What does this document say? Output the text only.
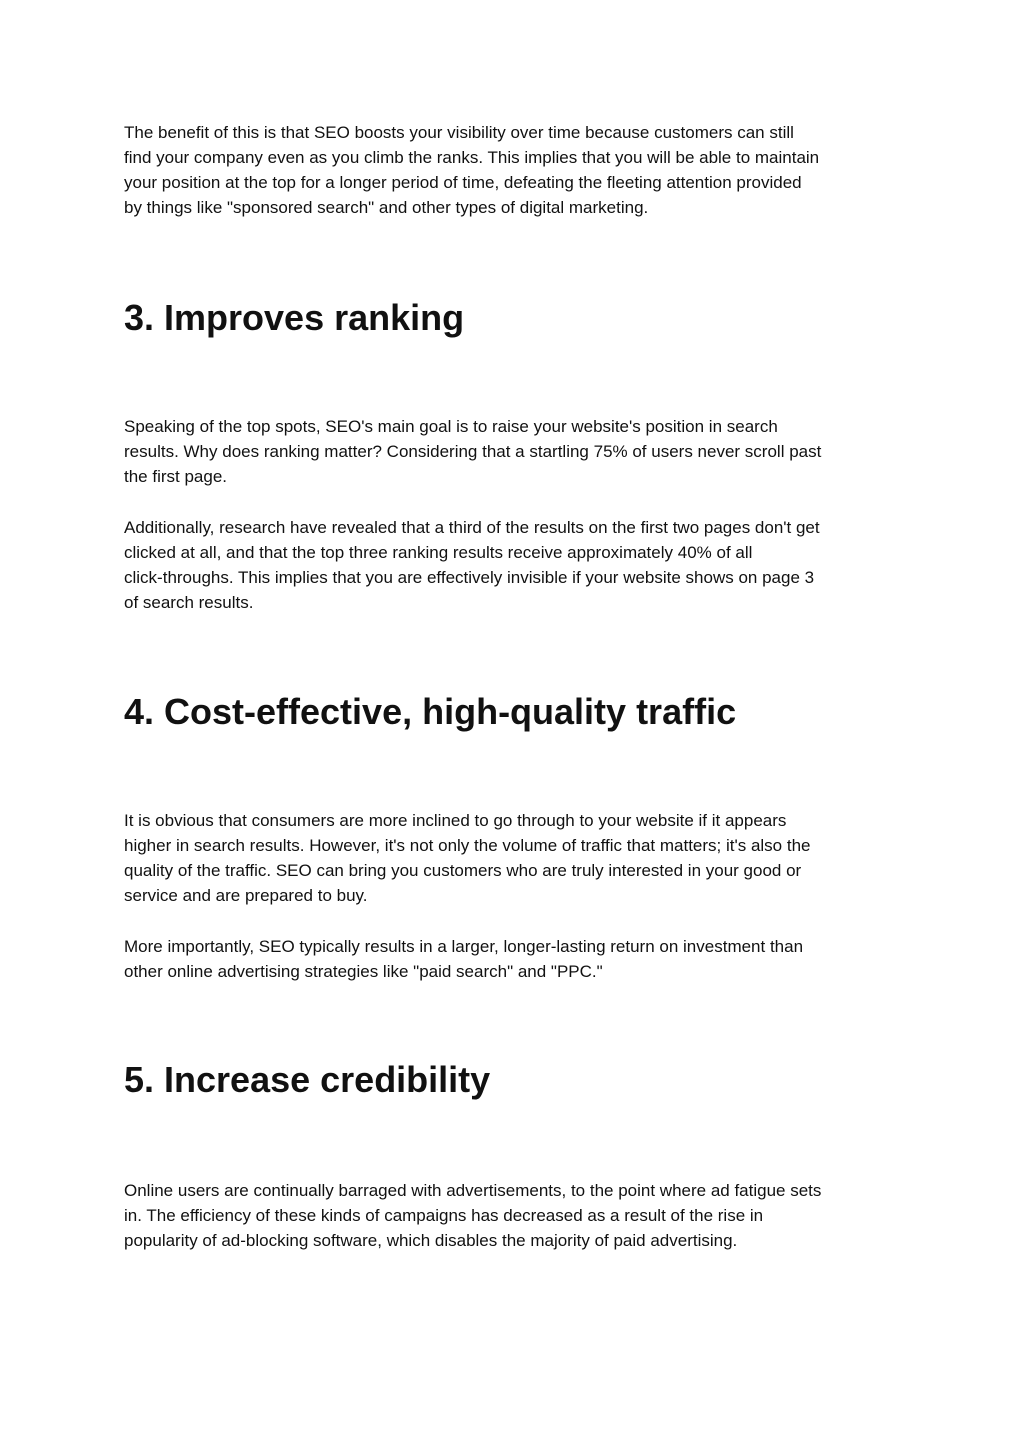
The benefit of this is that SEO boosts your visibility over time because customers can still
find your company even as you climb the ranks. This implies that you will be able to maintain
your position at the top for a longer period of time, defeating the fleeting attention provided
by things like "sponsored search" and other types of digital marketing.

3. Improves ranking

Speaking of the top spots, SEO's main goal is to raise your website's position in search
results. Why does ranking matter? Considering that a startling 75% of users never scroll past
the first page.

Additionally, research have revealed that a third of the results on the first two pages don't get
clicked at all, and that the top three ranking results receive approximately 40% of all
click-throughs. This implies that you are effectively invisible if your website shows on page 3
of search results.

4. Cost-effective, high-quality traffic

It is obvious that consumers are more inclined to go through to your website if it appears
higher in search results. However, it's not only the volume of traffic that matters; it's also the
quality of the traffic. SEO can bring you customers who are truly interested in your good or
service and are prepared to buy.

More importantly, SEO typically results in a larger, longer-lasting return on investment than
other online advertising strategies like "paid search" and "PPC."

5. Increase credibility

Online users are continually barraged with advertisements, to the point where ad fatigue sets
in. The efficiency of these kinds of campaigns has decreased as a result of the rise in
popularity of ad-blocking software, which disables the majority of paid advertising.
